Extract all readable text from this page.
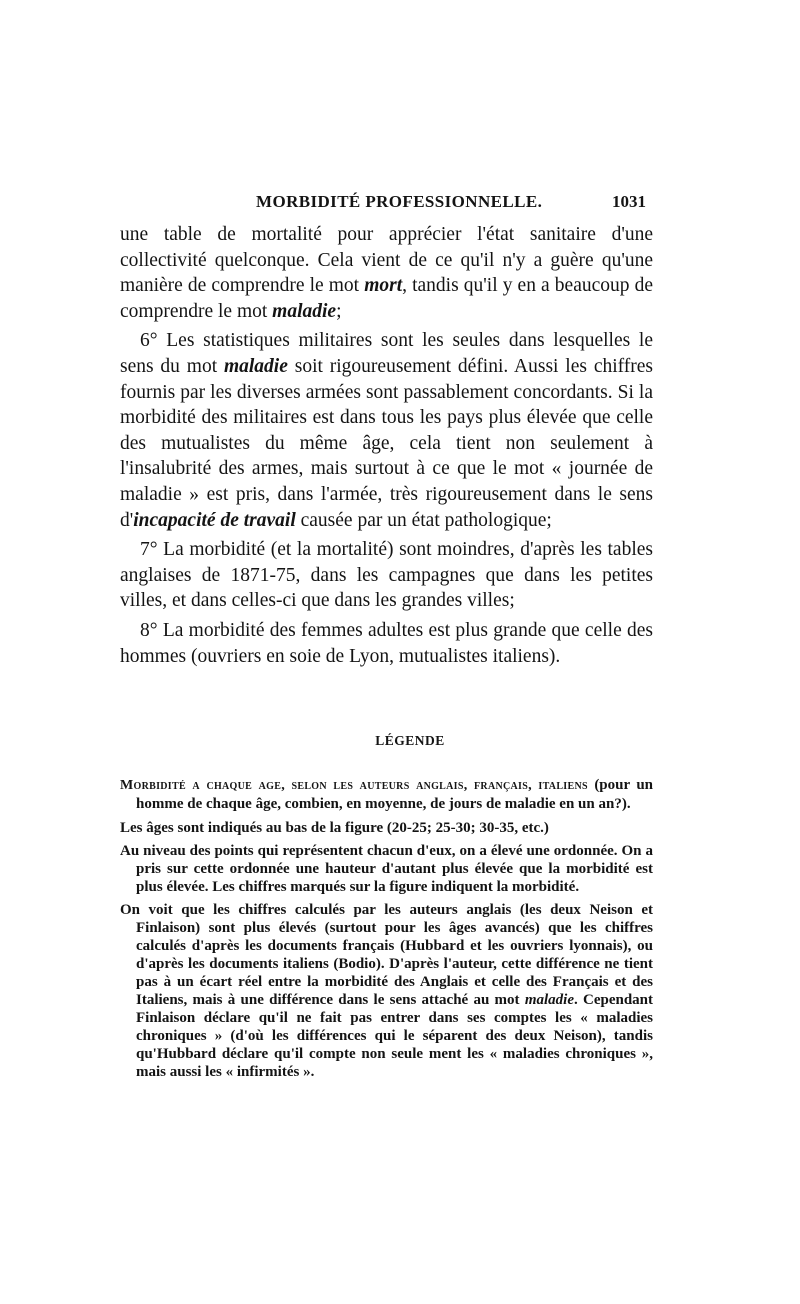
MORBIDITÉ PROFESSIONNELLE.	1031

une table de mortalité pour apprécier l'état sanitaire d'une collectivité quelconque. Cela vient de ce qu'il n'y a guère qu'une manière de comprendre le mot mort, tandis qu'il y en a beaucoup de comprendre le mot maladie;

6° Les statistiques militaires sont les seules dans lesquelles le sens du mot maladie soit rigoureusement défini. Aussi les chiffres fournis par les diverses armées sont passablement concordants. Si la morbidité des militaires est dans tous les pays plus élevée que celle des mutualistes du même âge, cela tient non seulement à l'insalubrité des armes, mais surtout à ce que le mot « journée de maladie » est pris, dans l'armée, très rigoureusement dans le sens d'incapacité de travail causée par un état pathologique;

7° La morbidité (et la mortalité) sont moindres, d'après les tables anglaises de 1871-75, dans les campagnes que dans les petites villes, et dans celles-ci que dans les grandes villes;

8° La morbidité des femmes adultes est plus grande que celle des hommes (ouvriers en soie de Lyon, mutualistes italiens).

LÉGENDE

Morbidité a chaque age, selon les auteurs anglais, français, italiens (pour un homme de chaque âge, combien, en moyenne, de jours de maladie en un an?).

Les âges sont indiqués au bas de la figure (20-25; 25-30; 30-35, etc.)

Au niveau des points qui représentent chacun d'eux, on a élevé une ordonnée. On a pris sur cette ordonnée une hauteur d'autant plus élevée que la morbidité est plus élevée. Les chiffres marqués sur la figure indiquent la morbidité.

On voit que les chiffres calculés par les auteurs anglais (les deux Neison et Finlaison) sont plus élevés (surtout pour les âges avancés) que les chiffres calculés d'après les documents français (Hubbard et les ouvriers lyonnais), ou d'après les documents italiens (Bodio). D'après l'auteur, cette différence ne tient pas à un écart réel entre la morbidité des Anglais et celle des Français et des Italiens, mais à une différence dans le sens attaché au mot maladie. Cependant Finlaison déclare qu'il ne fait pas entrer dans ses comptes les « maladies chroniques » (d'où les différences qui le séparent des deux Neison), tandis qu'Hubbard déclare qu'il compte non seule ment les « maladies chroniques », mais aussi les « infirmités ».
